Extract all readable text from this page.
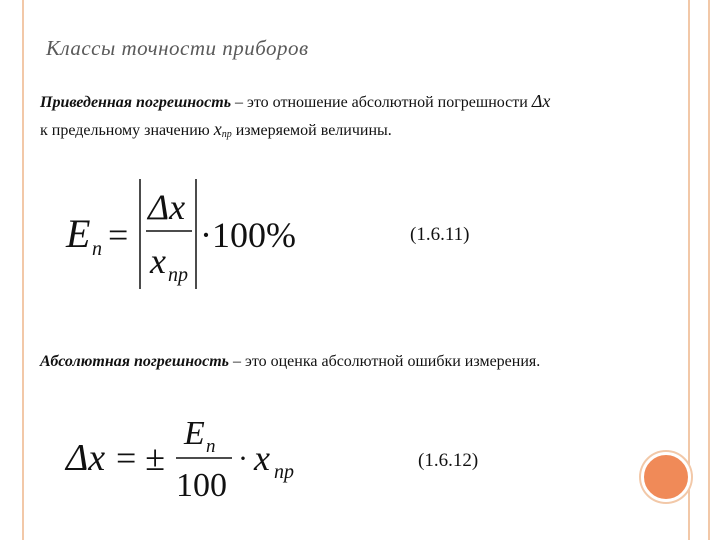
Классы точности приборов
Приведенная погрешность – это отношение абсолютной погрешности Δx к предельному значению $x_{пр}$ измеряемой величины.
E п =
Δx
x пр
·100%	(1.6.11)
Абсолютная погрешность – это оценка абсолютной ошибки измерения.
Δx = ±
E п
100
· x пр
(1.6.12)
